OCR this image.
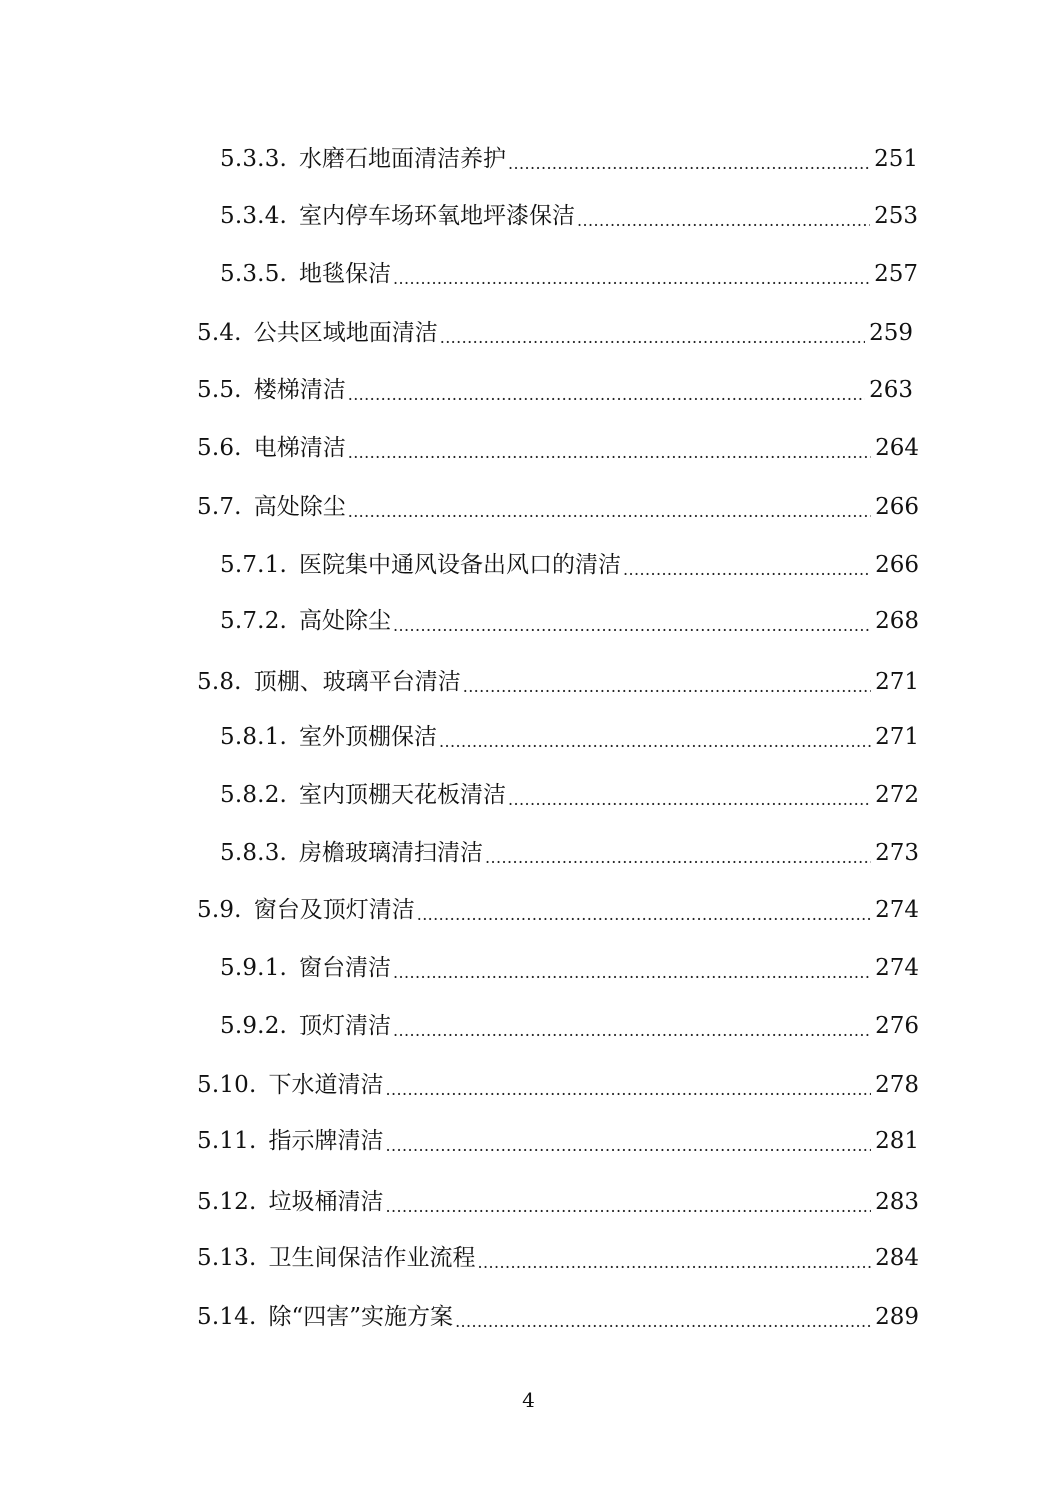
5.3.3. 水磨石地面清洁养护 .....	251
5.3.4. 室内停车场环氧地坪漆保洁 .....	253
5.3.5. 地毯保洁 .....	257
5.4. 公共区域地面清洁 .....	259
5.5. 楼梯清洁 .....	263
5.6. 电梯清洁 .....	264
5.7. 高处除尘 .....	266
5.7.1. 医院集中通风设备出风口的清洁 .....	266
5.7.2. 高处除尘 .....	268
5.8. 顶棚、玻璃平台清洁 .....	271
5.8.1. 室外顶棚保洁 .....	271
5.8.2. 室内顶棚天花板清洁 .....	272
5.8.3. 房檐玻璃清扫清洁 .....	273
5.9. 窗台及顶灯清洁 .....	274
5.9.1. 窗台清洁 .....	274
5.9.2. 顶灯清洁 .....	276
5.10. 下水道清洁 .....	278
5.11. 指示牌清洁 .....	281
5.12. 垃圾桶清洁 .....	283
5.13. 卫生间保洁作业流程 .....	284
5.14. 除“四害”实施方案 .....	289
4
